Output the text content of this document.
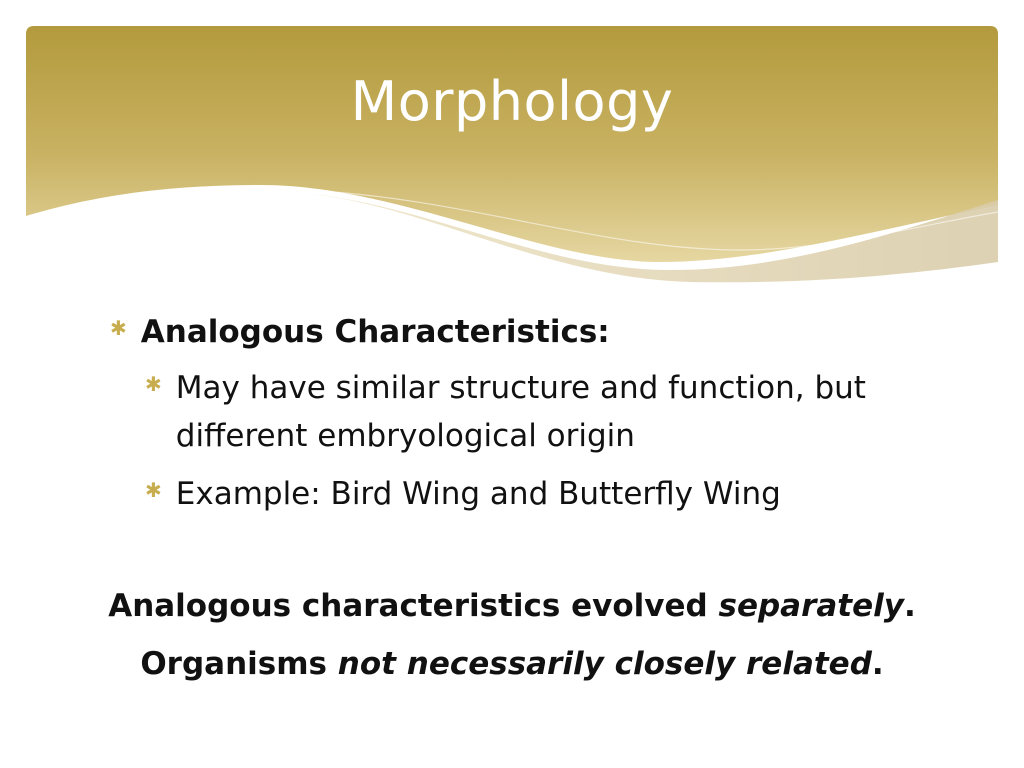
Morphology
✱ Analogous Characteristics:
✱ May have similar structure and function, but different embryological origin
✱ Example: Bird Wing and Butterfly Wing
Analogous characteristics evolved separately.
Organisms not necessarily closely related.
